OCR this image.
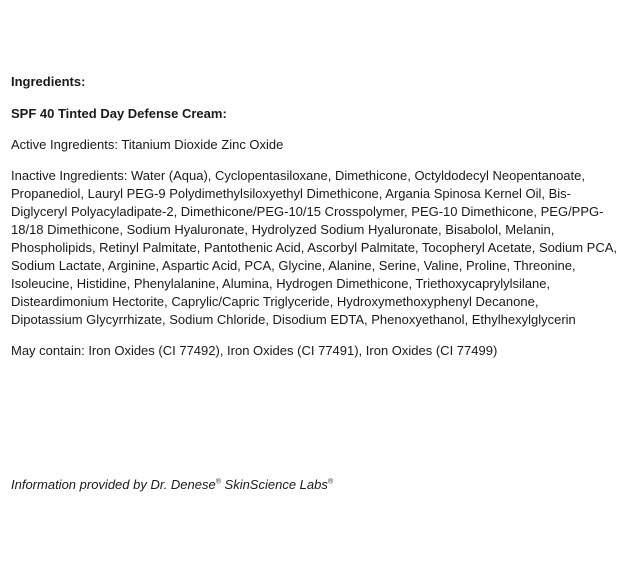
Ingredients:
SPF 40 Tinted Day Defense Cream:
Active Ingredients: Titanium Dioxide Zinc Oxide
Inactive Ingredients: Water (Aqua), Cyclopentasiloxane, Dimethicone, Octyldodecyl Neopentanoate,
Propanediol, Lauryl PEG-9 Polydimethylsiloxyethyl Dimethicone, Argania Spinosa Kernel Oil, Bis-
Diglyceryl Polyacyladipate-2, Dimethicone/PEG-10/15 Crosspolymer, PEG-10 Dimethicone, PEG/PPG-
18/18 Dimethicone, Sodium Hyaluronate, Hydrolyzed Sodium Hyaluronate, Bisabolol, Melanin,
Phospholipids, Retinyl Palmitate, Pantothenic Acid, Ascorbyl Palmitate, Tocopheryl Acetate, Sodium PCA,
Sodium Lactate, Arginine, Aspartic Acid, PCA, Glycine, Alanine, Serine, Valine, Proline, Threonine,
Isoleucine, Histidine, Phenylalanine, Alumina, Hydrogen Dimethicone, Triethoxycaprylylsilane,
Disteardimonium Hectorite, Caprylic/Capric Triglyceride, Hydroxymethoxyphenyl Decanone,
Dipotassium Glycyrrhizate, Sodium Chloride, Disodium EDTA, Phenoxyethanol, Ethylhexylglycerin
May contain: Iron Oxides (CI 77492), Iron Oxides (CI 77491), Iron Oxides (CI 77499)
Information provided by Dr. Denese® SkinScience Labs®
